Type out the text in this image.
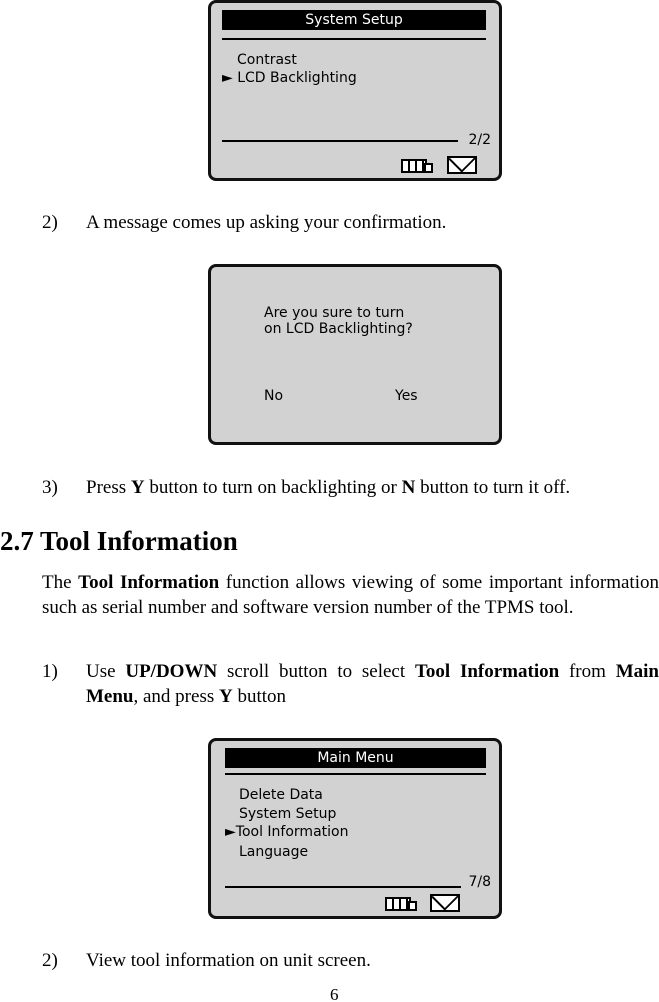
System Setup
Contrast
► LCD Backlighting
2/2
2) A message comes up asking your confirmation.
Are you sure to turn
on LCD Backlighting?
No	Yes
3) Press Y button to turn on backlighting or N button to turn it off.
2.7 Tool Information
The Tool Information function allows viewing of some important information such as serial number and software version number of the TPMS tool.
1) Use UP/DOWN scroll button to select Tool Information from Main Menu, and press Y button
Main Menu
Delete Data
System Setup
►Tool Information
Language
7/8
2) View tool information on unit screen.
6
